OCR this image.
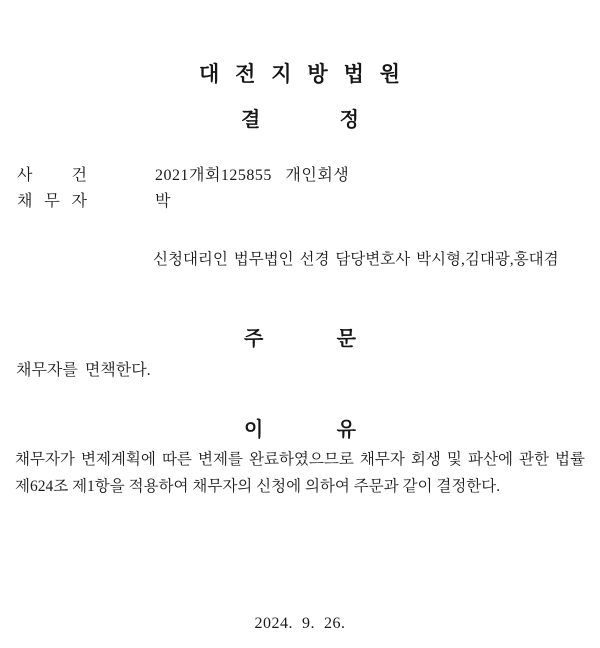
대 전 지 방 법 원
결 정
사 건	2021개회125855   개인회생
채 무 자	박
신청대리인 법무법인 선경 담당변호사 박시형,김대광,홍대겸
주 문
채무자를 면책한다.
이 유
채무자가 변제계획에 따른 변제를 완료하였으므로 채무자 회생 및 파산에 관한 법률
제624조 제1항을 적용하여 채무자의 신청에 의하여 주문과 같이 결정한다.
2024.  9.  26.
